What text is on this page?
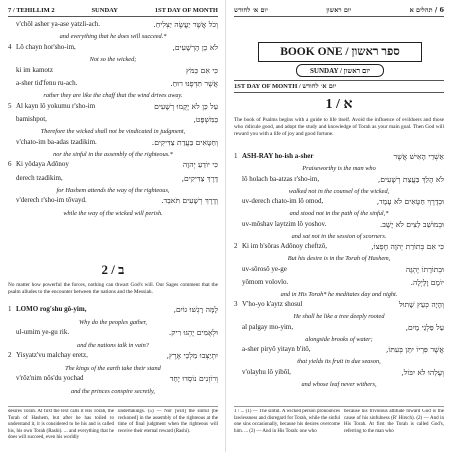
7 / TEHILLIM 2	SUNDAY	1ST DAY OF MONTH
v'chôl asher ya-ase yatzli-ach.	וְכֹל אֲשֶׁר יַעֲשֶׂה יַצְלִיחַ.
and everything that he does will succeed.*
4 Lô chayn hor'sho-im,	לֹא כֵן הָרְשָׁעִים,
Not so the wicked;
ki im kamotz	כִּי אִם כַּמֹּץ
a-sher tid'fenu ru-ach.	אֲשֶׁר תִּדְּפֶנּוּ רוּחַ.
rather they are like the chaff that the wind drives away.
5 Al kayn lô yokumu r'sho-im	עַל כֵּן לֹא יָקֻמוּ רְשָׁעִים
bamishpot,	בַּמִּשְׁפָּט,
Therefore the wicked shall not be vindicated in judgment,
v'chato-im ba-adas tzadikim.	וְחַטָּאִים בַּעֲדַת צַדִּיקִים.
nor the sinful in the assembly of the righteous.*
6 Ki yôdaya Adônoy	כִּי יוֹדֵעַ יְהוָה
derech tzadikim,	דֶּרֶךְ צַדִּיקִים,
for Hashem attends the way of the righteous,
v'derech r'sho-im tôvayd.	וְדֶרֶךְ רְשָׁעִים תֹּאבֵד.
while the way of the wicked will perish.
2 / ב
No matter how powerful the forces, nothing can thwart God's will. Our Sages comment that the psalm alludes to the encounter between the nations and the Messiah.
1 LOMO rog'shu gô-yim,	לָמָּה רָגְשׁוּ גוֹיִם,
Why do the peoples gather,
ul-umim ye-gu rik.	וּלְאֻמִּים יֶהְגּוּ רִיק.
and the nations talk in vain?
2 Yisyatz'vu malchay eretz,	יִתְיַצְּבוּ מַלְכֵי אֶרֶץ,
The kings of the earth take their stand
v'rôz'nim nôs'du yochad	וְרוֹזְנִים נוֹסְדוּ יָחַד
and the princes conspire secretly,
desires Torah. At first the text calls it His Torah, the Torah of Hashem, but after he has toiled to understand it, it is considered to be his and is called his, his own Torah (Rashi). ... and everything that he does will succeed, even his worldly
undertakings. (5) — Nor [will] the sinful [be reckoned] in the assembly of the righteous at the time of final judgment when the righteous will receive their eternal reward (Rashi).
יום א׳ לחודש	יום ראשון	6 / תהלים א
BOOK ONE / ספר ראשון
SUNDAY / יום ראשון
1ST DAY OF MONTH / יום א׳ לחודש
1 / א
The book of Psalms begins with a guide to life itself. Avoid the influence of evildoers and those who ridicule good, and adopt the study and knowledge of Torah as your main goal. Then God will reward you with a life of joy and good fortune.
1 ASH-RAY ho-ish a-sher	אַשְׁרֵי הָאִישׁ אֲשֶׁר
Praiseworthy is the man who
lô holach ba-atzas r'sho-im,	לֹא הָלַךְ בַּעֲצַת רְשָׁעִים,
walked not in the counsel of the wicked,
uv-derech chato-im lô omod,	וּבְדֶרֶךְ חַטָּאִים לֹא עָמָד,
and stood not in the path of the sinful,*
uv-môshav laytzim lô yoshov.	וּבְמוֹשַׁב לֵצִים לֹא יָשָׁב.
and sat not in the session of scorners.
2 Ki im b'sôras Adônoy cheftzô,	כִּי אִם בְּתוֹרַת יְהוָה חֶפְצוֹ,
But his desire is in the Torah of Hashem,
uv-sôrosô ye-ge	וּבְתוֹרָתוֹ יֶהְגֶּה
yômom volovlo.	יוֹמָם וָלָיְלָה.
and in His Torah* he meditates day and night.
3 V'ho-yo k'aytz shosul	וְהָיָה כְּעֵץ שָׁתוּל
He shall be like a tree deeply rooted
al palgay mo-yim,	עַל פַּלְגֵי מָיִם,
alongside brooks of water;
a-sher piryô yitayn b'itô,	אֲשֶׁר פִּרְיוֹ יִתֵּן בְּעִתּוֹ,
that yields its fruit in due season,
v'olayhu lô yibôl,	וְעָלֵהוּ לֹא יִבּוֹל,
and whose leaf never withers,
1 / ... (1) — The sinful. A wicked person pronounces lawlessness and disregard for Torah, while the sinful one sins occasionally, because his desires overcome him. ... (2) — And in His Torah: one who
because his frivolous attitude toward God is the cause of his sinfulness (R' Hirsch). (2) — And in His Torah. At first the Torah is called God's, referring to the man who
